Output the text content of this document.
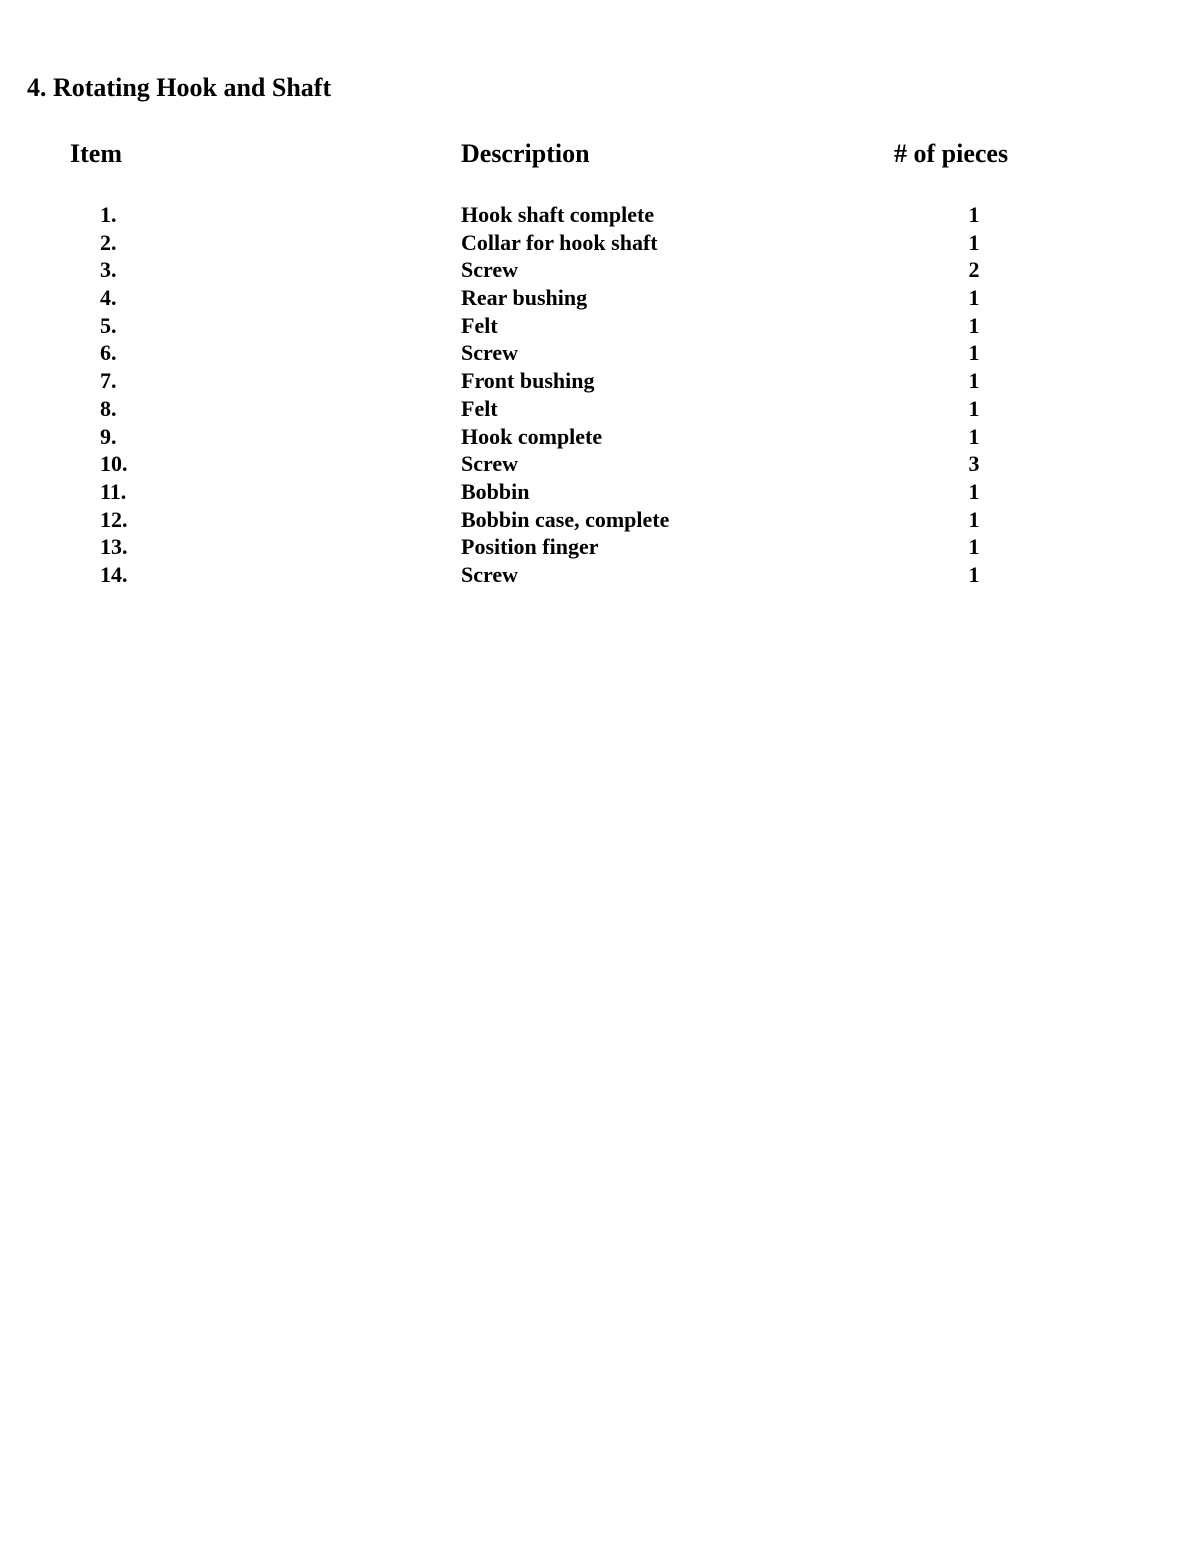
4. Rotating Hook and Shaft
Item	Description	# of pieces
1.	Hook shaft complete	1
2.	Collar for hook shaft	1
3.	Screw	2
4.	Rear bushing	1
5.	Felt	1
6.	Screw	1
7.	Front bushing	1
8.	Felt	1
9.	Hook complete	1
10.	Screw	3
11.	Bobbin	1
12.	Bobbin case, complete	1
13.	Position finger	1
14.	Screw	1
